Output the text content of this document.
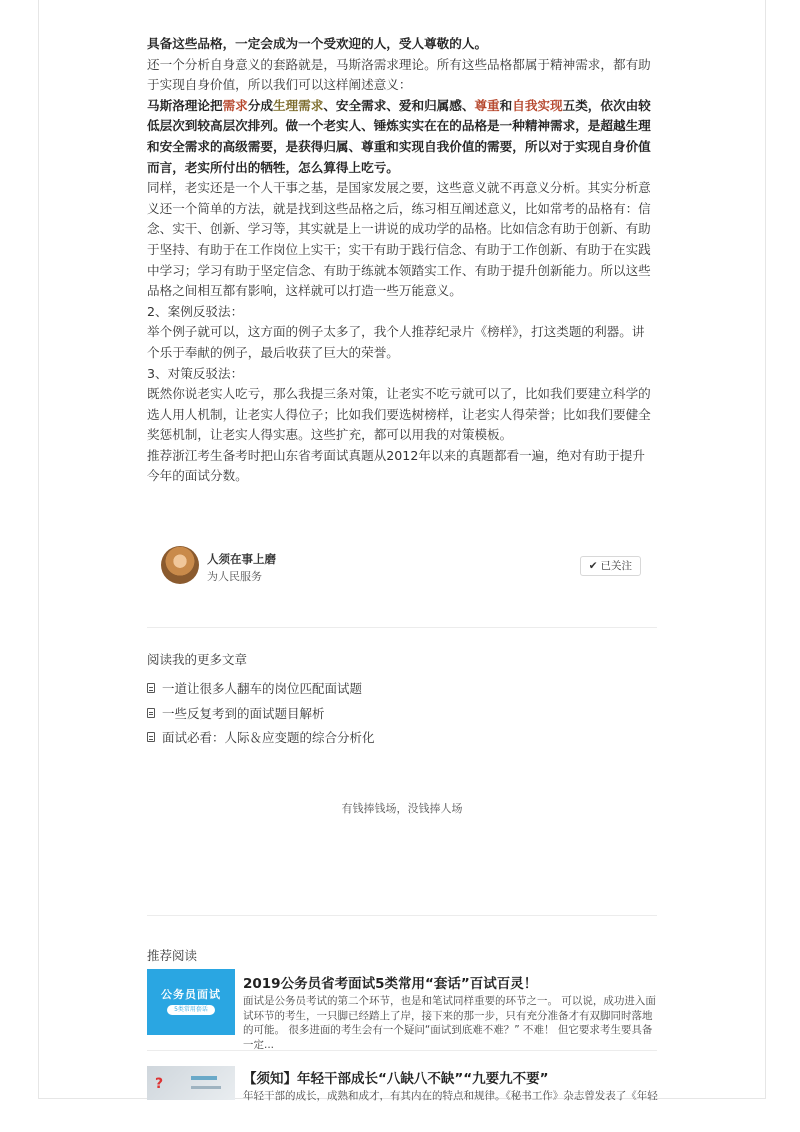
具备这些品格，一定会成为一个受欢迎的人，受人尊敬的人。

还一个分析自身意义的套路就是，马斯洛需求理论。所有这些品格都属于精神需求，都有助于实现自身价值，所以我们可以这样阐述意义：

马斯洛理论把需求分成生理需求、安全需求、爱和归属感、尊重和自我实现五类，依次由较低层次到较高层次排列。做一个老实人、锤炼实实在在的品格是一种精神需求，是超越生理和安全需求的高级需要，是获得归属、尊重和实现自我价值的需要，所以对于实现自身价值而言，老实所付出的牺牲，怎么算得上吃亏。

同样，老实还是一个人干事之基，是国家发展之要，这些意义就不再意义分析。其实分析意义还一个简单的方法，就是找到这些品格之后，练习相互阐述意义，比如常考的品格有：信念、实干、创新、学习等，其实就是上一讲说的成功学的品格。比如信念有助于创新、有助于坚持、有助于在工作岗位上实干；实干有助于践行信念、有助于工作创新、有助于在实践中学习；学习有助于坚定信念、有助于练就本领踏实工作、有助于提升创新能力。所以这些品格之间相互都有影响，这样就可以打造一些万能意义。

2、案例反驳法：

举个例子就可以，这方面的例子太多了，我个人推荐纪录片《榜样》，打这类题的利器。讲个乐于奉献的例子，最后收获了巨大的荣誉。

3、对策反驳法：

既然你说老实人吃亏，那么我提三条对策，让老实不吃亏就可以了，比如我们要建立科学的选人用人机制，让老实人得位子；比如我们要选树榜样，让老实人得荣誉；比如我们要健全奖惩机制，让老实人得实惠。这些扩充，都可以用我的对策模板。

推荐浙江考生备考时把山东省考面试真题从2012年以来的真题都看一遍，绝对有助于提升今年的面试分数。

人须在事上磨
为人民服务
✔ 已关注
阅读我的更多文章
一道让很多人翻车的岗位匹配面试题
一些反复考到的面试题目解析
面试必看：人际＆应变题的综合分析化
有钱捧钱场，没钱捧人场
推荐阅读
公务员面试
5类常用套话
2019公务员省考面试5类常用“套话”百试百灵！
面试是公务员考试的第二个环节，也是和笔试同样重要的环节之一。 可以说，成功进入面试环节的考生，一只脚已经踏上了岸，接下来的那一步，只有充分准备才有双脚同时落地的可能。 很多进面的考生会有一个疑问“面试到底难不难？” 不难！ 但它要求考生要具备一定...
?	【须知】年轻干部成长“八缺八不缺”“九要九不要”
年轻干部的成长，成熟和成才，有其内在的特点和规律。《秘书工作》杂志曾发表了《年轻
